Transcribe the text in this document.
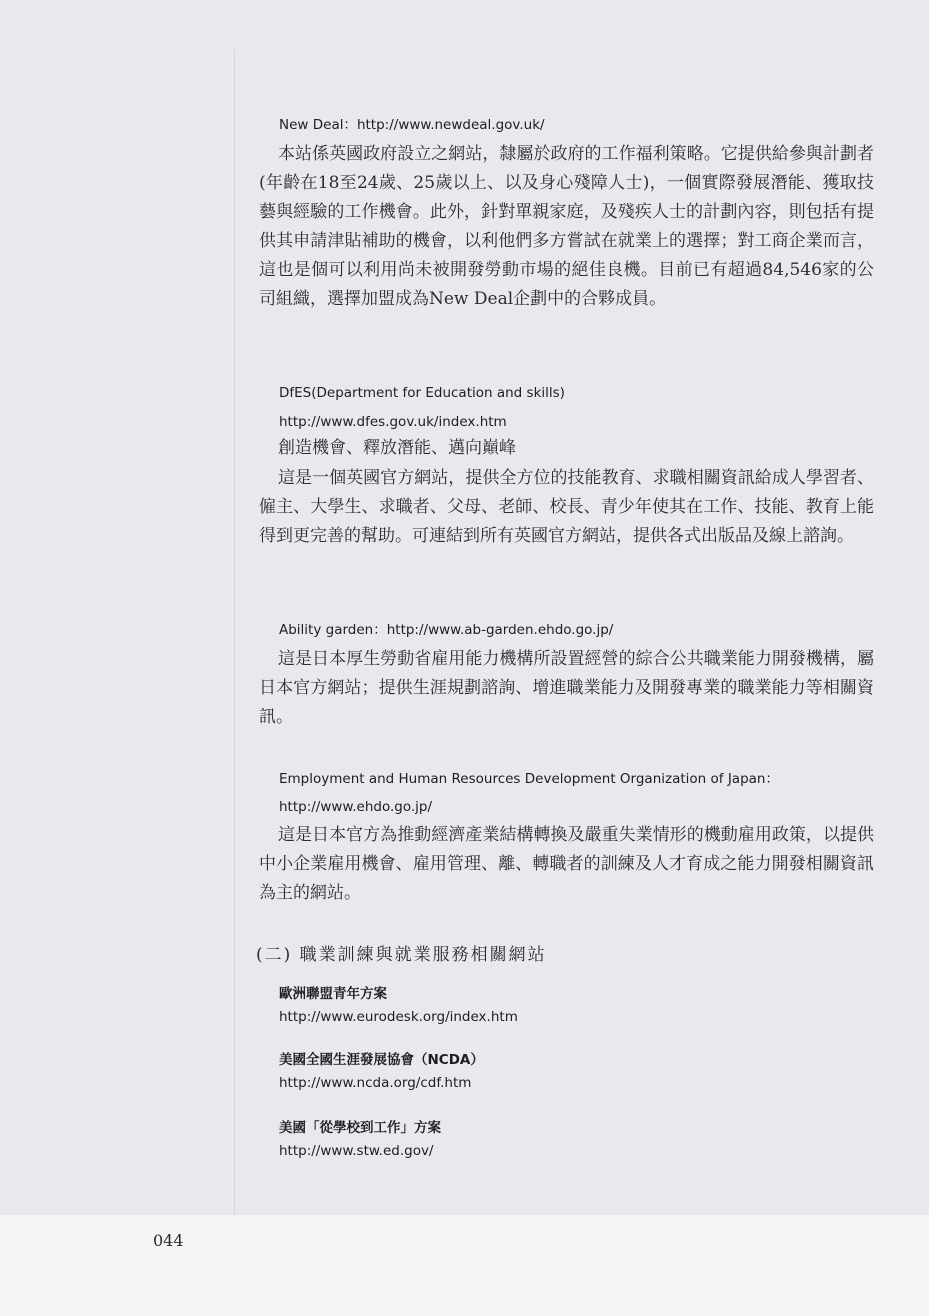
New Deal：http://www.newdeal.gov.uk/

本站係英國政府設立之網站，隸屬於政府的工作福利策略。它提供給參與計劃者 (年齡在18至24歲、25歲以上、以及身心殘障人士)，一個實際發展潛能、獲取技藝與經驗的工作機會。此外，針對單親家庭，及殘疾人士的計劃內容，則包括有提供其申請津貼補助的機會，以利他們多方嘗試在就業上的選擇；對工商企業而言，這也是個可以利用尚未被開發勞動市場的絕佳良機。目前已有超過84,546家的公司組織，選擇加盟成為New Deal企劃中的合夥成員。

DfES(Department for Education and skills)
http://www.dfes.gov.uk/index.htm
創造機會、釋放潛能、邁向巔峰

這是一個英國官方網站，提供全方位的技能教育、求職相關資訊給成人學習者、僱主、大學生、求職者、父母、老師、校長、青少年使其在工作、技能、教育上能得到更完善的幫助。可連結到所有英國官方網站，提供各式出版品及線上諮詢。

Ability garden：http://www.ab-garden.ehdo.go.jp/

這是日本厚生勞動省雇用能力機構所設置經營的綜合公共職業能力開發機構，屬日本官方網站；提供生涯規劃諮詢、增進職業能力及開發專業的職業能力等相關資訊。

Employment and Human Resources Development Organization of Japan：
http://www.ehdo.go.jp/

這是日本官方為推動經濟產業結構轉換及嚴重失業情形的機動雇用政策，以提供中小企業雇用機會、雇用管理、離、轉職者的訓練及人才育成之能力開發相關資訊為主的網站。

(二) 職業訓練與就業服務相關網站
歐洲聯盟青年方案
http://www.eurodesk.org/index.htm
美國全國生涯發展協會（NCDA）
http://www.ncda.org/cdf.htm
美國「從學校到工作」方案
http://www.stw.ed.gov/
044
